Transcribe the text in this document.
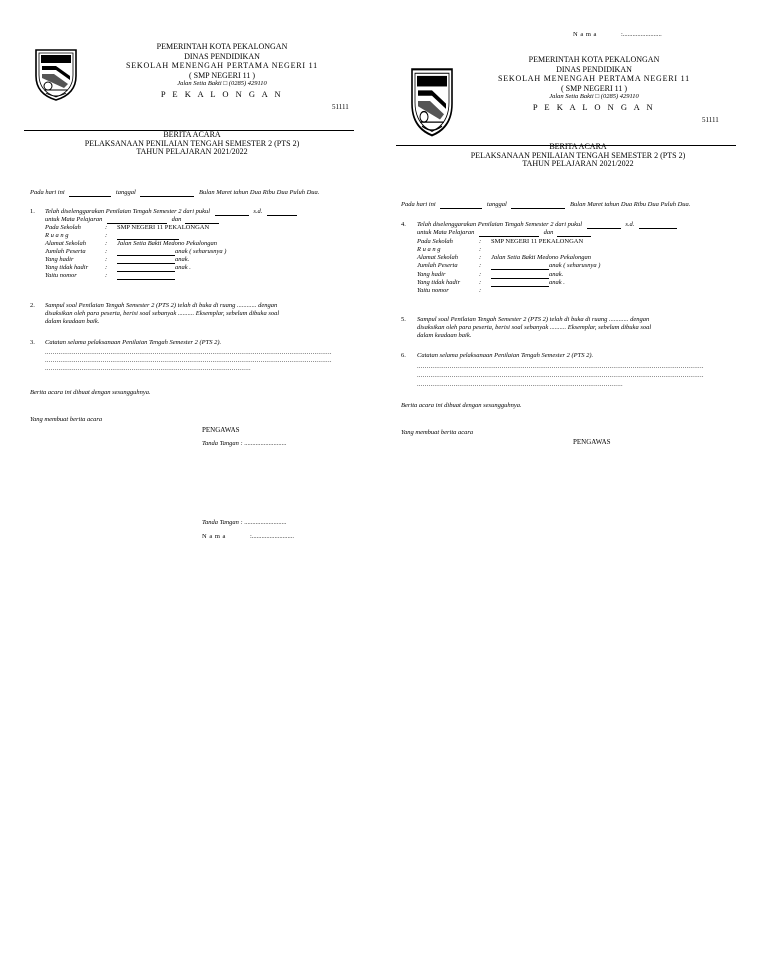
PEMERINTAH KOTA PEKALONGAN
DINAS PENDIDIKAN
SEKOLAH MENENGAH PERTAMA NEGERI 11
( SMP NEGERI 11 )
Jalan Setia Bakti □ (0285) 429110
P E K A L O N G A N
51111
BERITA ACARA
PELAKSANAAN PENILAIAN TENGAH SEMESTER 2 (PTS 2)
TAHUN PELAJARAN 2021/2022
Pada hari ini	tanggal	Bulan Maret tahun Dua Ribu Dua Puluh Dua.
1. Telah diselenggarakan Penilaian Tengah Semester 2 dari pukul	s.d.
untuk Mata Pelajaran	dan
Pada Sekolah	: SMP NEGERI 11 PEKALONGAN
R u a n g	:
Alamat Sekolah	: Jalan Setia Bakti Medono Pekalongan
Jumlah Peserta	:	anak ( seharusnya )
Yang hadir	:	anak.
Yang tidak hadir	:	anak .
Yaitu nomor	:
2. Sampul soal Penilaian Tengah Semester 2 (PTS 2) telah di buka di ruang ............ dengan
disaksikan oleh para peserta, berisi soal sebanyak .......... Eksemplar, sebelum dibuka soal
dalam keadaan baik.
3. Catatan selama pelaksanaan Penilaian Tengah Semester 2 (PTS 2).
.....................................................................................................................................................
.....................................................................................................................................................
...........................................................................................................
Berita acara ini dibuat dengan sesungguhnya.
Yang membuat berita acara
PENGAWAS
Tanda Tangan : ..........................
Tanda Tangan : ..........................
N a m a	:..........................
N a m a	:........................
PEMERINTAH KOTA PEKALONGAN
DINAS PENDIDIKAN
SEKOLAH MENENGAH PERTAMA NEGERI 11
( SMP NEGERI 11 )
Jalan Setia Bakti □ (0285) 429110
P E K A L O N G A N
51111
BERITA ACARA
PELAKSANAAN PENILAIAN TENGAH SEMESTER 2 (PTS 2)
TAHUN PELAJARAN 2021/2022
Pada hari ini	tanggal	Bulan Maret tahun Dua Ribu Dua Puluh Dua.
4. Telah diselenggarakan Penilaian Tengah Semester 2 dari pukul	s.d.
untuk Mata Pelajaran	dan
Pada Sekolah	: SMP NEGERI 11 PEKALONGAN
R u a n g	:
Alamat Sekolah	: Jalan Setia Bakti Medono Pekalongan
Jumlah Peserta	:	anak ( seharusnya )
Yang hadir	:	anak.
Yang tidak hadir	:	anak .
Yaitu nomor	:
5. Sampul soal Penilaian Tengah Semester 2 (PTS 2) telah di buka di ruang ............ dengan
disaksikan oleh para peserta, berisi soal sebanyak .......... Eksemplar, sebelum dibuka soal
dalam keadaan baik.
6. Catatan selama pelaksanaan Penilaian Tengah Semester 2 (PTS 2).
.....................................................................................................................................................
.....................................................................................................................................................
...........................................................................................................
Berita acara ini dibuat dengan sesungguhnya.
Yang membuat berita acara
PENGAWAS
